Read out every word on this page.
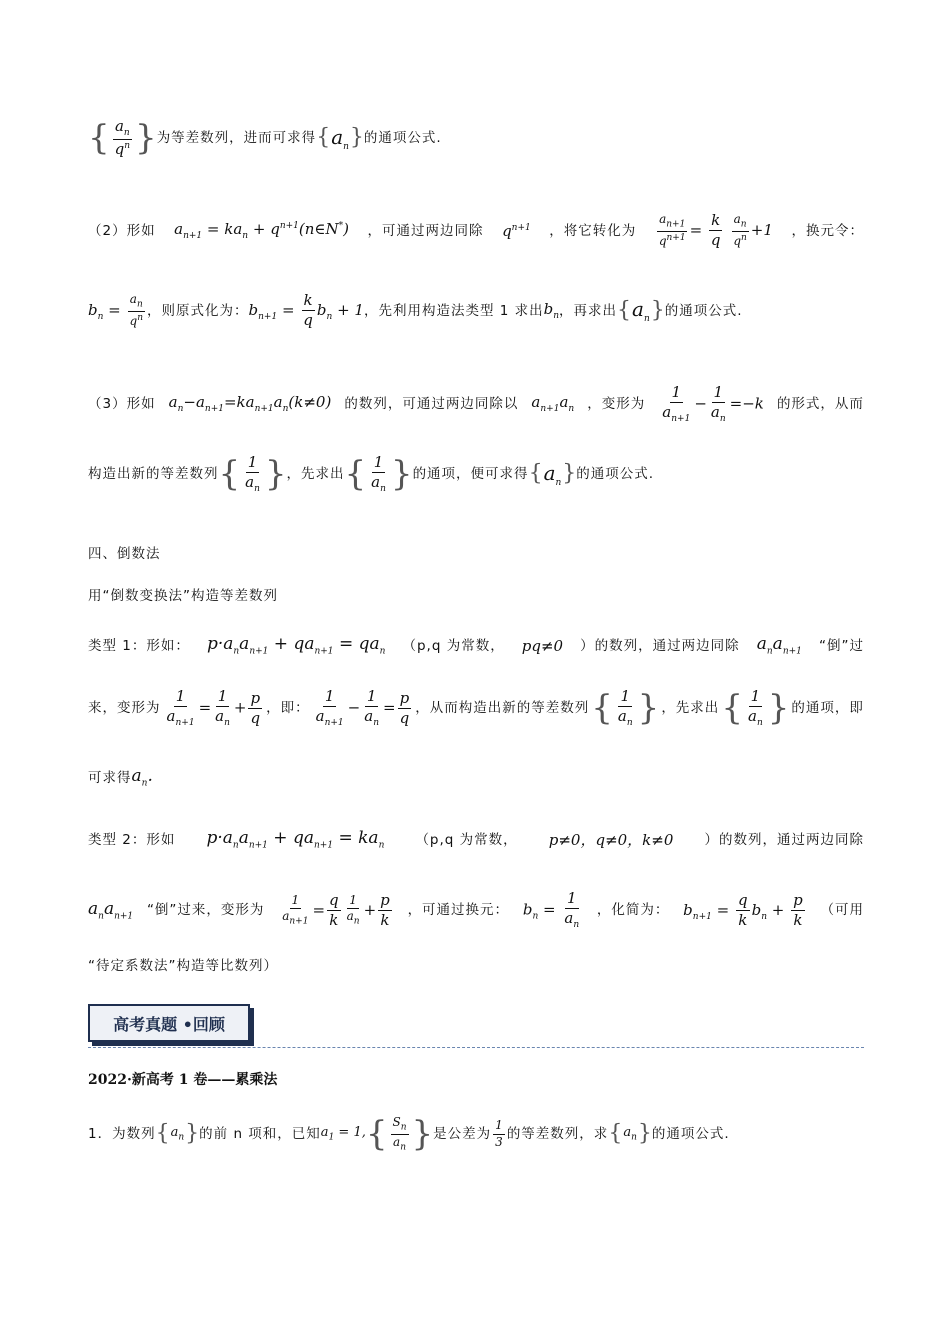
{ $\frac{a_n}{q^n}$
} 为等差数列，进而可求得 { $a_n$
}
的通项公式.
（2）形如 $a_{n+1} = ka_n$ + $q^{n+1}(n\in N^*)$ ，可通过两边同除 $q^{n+1}$ ，将它转化为 $\frac{a_{n+1}}{q^{n+1}} = \frac{k}{q}$
$\frac{a_n}{q^n} +1$ ，换元令：
$b_n = \frac{a_n}{q^n}$ ，则原式化为： $b_{n+1} = \frac{k}{q} b_n + 1$ ，先利用构造法类型 1 求出 $b_n$ ，再求出 { $a_n$
}
的通项公式.
（3）形如 $a_n-a_{n+1}=ka_{n+1}a_n(k\ne 0)$ 的数列，可通过两边同除以 $a_{n+1}a_n$ ，变形为 $\frac{1}{a_{n+1}} - \frac{1}{a_n} =-k$ 的形式，从而
构造出新的等差数列 { $\frac{1}{a_n}$
} ，先求出 { $\frac{1}{a_n}$
} 的通项，便可求得 { $a_n$
}
的通项公式.
四、倒数法
用“倒数变换法”构造等差数列
类型 1：形如： $p\cdot a_na_{n+1} + qa_{n+1} = qa_n$ （p,q 为常数， pq≠0 ）的数列，通过两边同除 $a_na_{n+1}$ “倒”过
来，变形为 $\frac{1}{a_{n+1}} = \frac{1}{a_n} + \frac{p}{q}$ ，即： $\frac{1}{a_{n+1}} - \frac{1}{a_n} = \frac{p}{q}$ ，从而构造出新的等差数列 { $\frac{1}{a_n}$
} ，先求出 { $\frac{1}{a_n}$
} 的通项，即
可求得 $a_n$.
类型 2：形如 $p\cdot a_na_{n+1} + qa_{n+1} = ka_n$ （p,q 为常数， p≠0，q≠0，k≠0 ）的数列，通过两边同除
$a_na_{n+1}$ “倒”过来，变形为 $\frac{1}{a_{n+1}} = \frac{q}{k} \frac{1}{a_n} + \frac{p}{k}$ ，可通过换元： $b_n = \frac{1}{a_n}$ ，化简为： $b_{n+1} = \frac{q}{k} b_n + \frac{p}{k}$ （可用
“待定系数法”构造等比数列）
高考真题 •回顾
2022·新高考 1 卷——累乘法
1．为数列 { $a_n$
} 的前 n 项和，已知 $a_1 = 1$, { $\frac{S_n}{a_n}$
} 是公差为 $\frac{1}{3}$ 的等差数列，求 { $a_n$
} 的通项公式.
